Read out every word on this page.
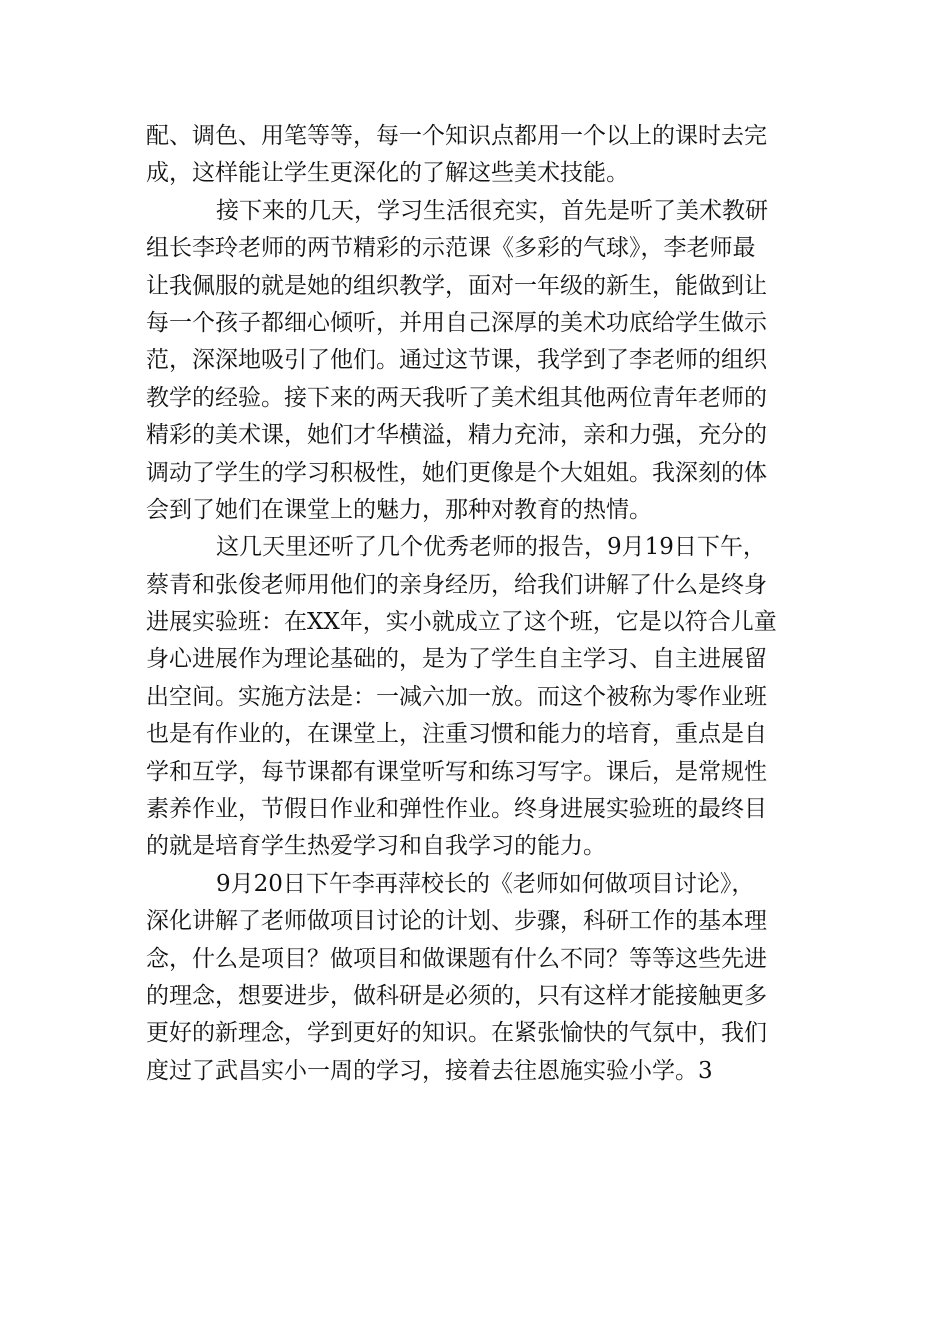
配、调色、用笔等等，每一个知识点都用一个以上的课时去完
成，这样能让学生更深化的了解这些美术技能。
接下来的几天，学习生活很充实，首先是听了美术教研
组长李玲老师的两节精彩的示范课《多彩的气球》，李老师最
让我佩服的就是她的组织教学，面对一年级的新生，能做到让
每一个孩子都细心倾听，并用自己深厚的美术功底给学生做示
范，深深地吸引了他们。通过这节课，我学到了李老师的组织
教学的经验。接下来的两天我听了美术组其他两位青年老师的
精彩的美术课，她们才华横溢，精力充沛，亲和力强，充分的
调动了学生的学习积极性，她们更像是个大姐姐。我深刻的体
会到了她们在课堂上的魅力，那种对教育的热情。
这几天里还听了几个优秀老师的报告，9月19日下午，
蔡青和张俊老师用他们的亲身经历，给我们讲解了什么是终身
进展实验班：在XX年，实小就成立了这个班，它是以符合儿童
身心进展作为理论基础的，是为了学生自主学习、自主进展留
出空间。实施方法是：一减六加一放。而这个被称为零作业班
也是有作业的，在课堂上，注重习惯和能力的培育，重点是自
学和互学，每节课都有课堂听写和练习写字。课后，是常规性
素养作业，节假日作业和弹性作业。终身进展实验班的最终目
的就是培育学生热爱学习和自我学习的能力。
9月20日下午李再萍校长的《老师如何做项目讨论》，
深化讲解了老师做项目讨论的计划、步骤，科研工作的基本理
念，什么是项目？做项目和做课题有什么不同？等等这些先进
的理念，想要进步，做科研是必须的，只有这样才能接触更多
更好的新理念，学到更好的知识。在紧张愉快的气氛中，我们
度过了武昌实小一周的学习，接着去往恩施实验小学。3
